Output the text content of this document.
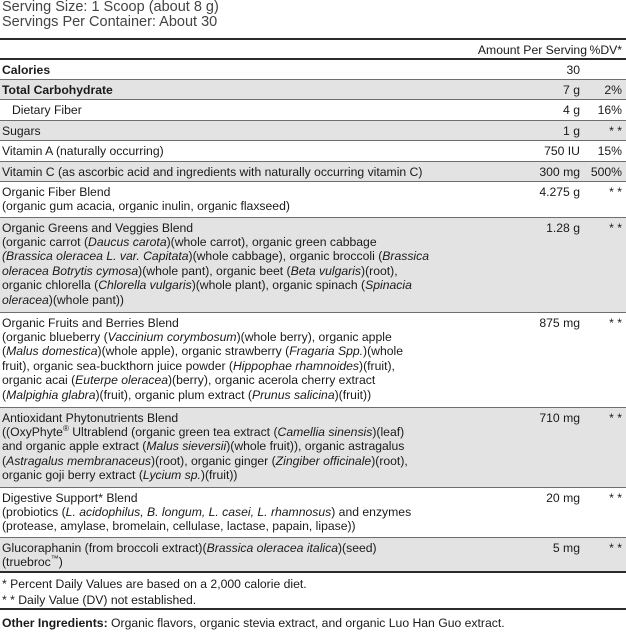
Serving Size: 1 Scoop (about 8 g)
Servings Per Container: About 30
Amount Per Serving %DV*
Calories	30
Total Carbohydrate	7 g 2%
Dietary Fiber	4 g 16%
Sugars	1 g * *
Vitamin A (naturally occurring)	750 IU 15%
Vitamin C (as ascorbic acid and ingredients with naturally occurring vitamin C)	300 mg 500%
Organic Fiber Blend
(organic gum acacia, organic inulin, organic flaxseed)
4.275 g * *
Organic Greens and Veggies Blend
(organic carrot (Daucus carota)(whole carrot), organic green cabbage
(Brassica oleracea L. var. Capitata)(whole cabbage), organic broccoli (Brassica
oleracea Botrytis cymosa)(whole pant), organic beet (Beta vulgaris)(root),
organic chlorella (Chlorella vulgaris)(whole plant), organic spinach (Spinacia
oleracea)(whole pant))
1.28 g * *
Organic Fruits and Berries Blend
(organic blueberry (Vaccinium corymbosum)(whole berry), organic apple
(Malus domestica)(whole apple), organic strawberry (Fragaria Spp.)(whole
fruit), organic sea-buckthorn juice powder (Hippophae rhamnoides)(fruit),
organic acai (Euterpe oleracea)(berry), organic acerola cherry extract
(Malpighia glabra)(fruit), organic plum extract (Prunus salicina)(fruit))
875 mg * *
Antioxidant Phytonutrients Blend
((OxyPhyte® Ultrablend (organic green tea extract (Camellia sinensis)(leaf)
and organic apple extract (Malus sieversii)(whole fruit)), organic astragalus
(Astragalus membranaceus)(root), organic ginger (Zingiber officinale)(root),
organic goji berry extract (Lycium sp.)(fruit))
710 mg * *
Digestive Support* Blend
(probiotics (L. acidophilus, B. longum, L. casei, L. rhamnosus) and enzymes
(protease, amylase, bromelain, cellulase, lactase, papain, lipase))
20 mg * *
Glucoraphanin (from broccoli extract)(Brassica oleracea italica)(seed)
(truebroc™)
5 mg * *
* Percent Daily Values are based on a 2,000 calorie diet.
* * Daily Value (DV) not established.
Other Ingredients: Organic flavors, organic stevia extract, and organic Luo Han Guo extract.
